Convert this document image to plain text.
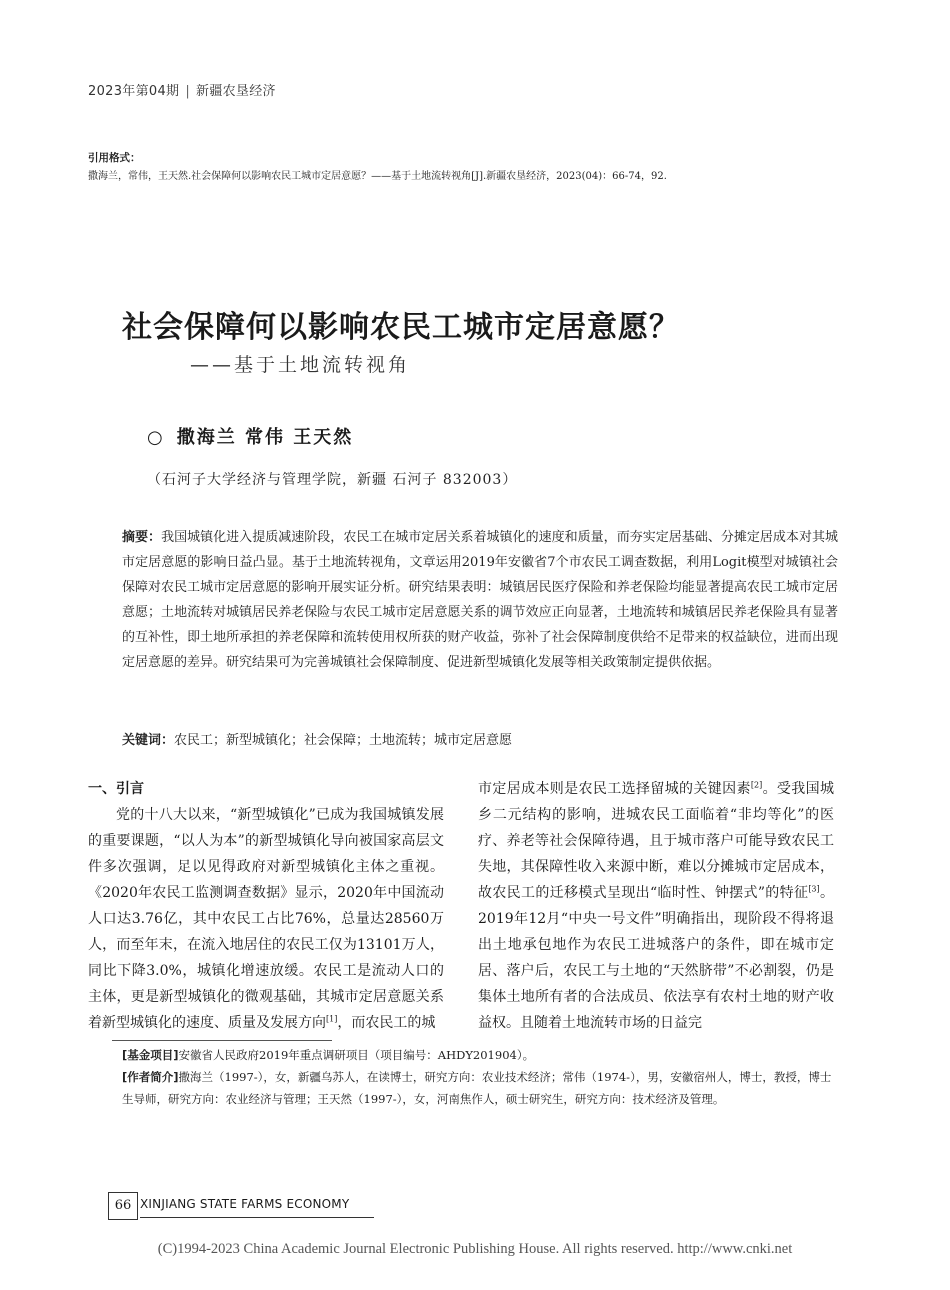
2023年第04期 | 新疆农垦经济
引用格式：
撒海兰，常伟，王天然.社会保障何以影响农民工城市定居意愿？——基于土地流转视角[J].新疆农垦经济，2023(04)：66-74，92.
社会保障何以影响农民工城市定居意愿？
——基于土地流转视角
○ 撒海兰 常伟 王天然
（石河子大学经济与管理学院，新疆 石河子 832003）
摘要：我国城镇化进入提质减速阶段，农民工在城市定居关系着城镇化的速度和质量，而夯实定居基础、分摊定居成本对其城市定居意愿的影响日益凸显。基于土地流转视角，文章运用2019年安徽省7个市农民工调查数据，利用Logit模型对城镇社会保障对农民工城市定居意愿的影响开展实证分析。研究结果表明：城镇居民医疗保险和养老保险均能显著提高农民工城市定居意愿；土地流转对城镇居民养老保险与农民工城市定居意愿关系的调节效应正向显著，土地流转和城镇居民养老保险具有显著的互补性，即土地所承担的养老保障和流转使用权所获的财产收益，弥补了社会保障制度供给不足带来的权益缺位，进而出现定居意愿的差异。研究结果可为完善城镇社会保障制度、促进新型城镇化发展等相关政策制定提供依据。
关键词：农民工；新型城镇化；社会保障；土地流转；城市定居意愿
一、引言

党的十八大以来，“新型城镇化”已成为我国城镇发展的重要课题，“以人为本”的新型城镇化导向被国家高层文件多次强调，足以见得政府对新型城镇化主体之重视。《2020年农民工监测调查数据》显示，2020年中国流动人口达3.76亿，其中农民工占比76%，总量达28560万人，而至年末，在流入地居住的农民工仅为13101万人，同比下降3.0%，城镇化增速放缓。农民工是流动人口的主体，更是新型城镇化的微观基础，其城市定居意愿关系着新型城镇化的速度、质量及发展方向[1]，而农民工的城

市定居成本则是农民工选择留城的关键因素[2]。受我国城乡二元结构的影响，进城农民工面临着“非均等化”的医疗、养老等社会保障待遇，且于城市落户可能导致农民工失地，其保障性收入来源中断，难以分摊城市定居成本，故农民工的迁移模式呈现出“临时性、钟摆式”的特征[3]。2019年12月“中央一号文件”明确指出，现阶段不得将退出土地承包地作为农民工进城落户的条件，即在城市定居、落户后，农民工与土地的“天然脐带”不必割裂，仍是集体土地所有者的合法成员、依法享有农村土地的财产收益权。且随着土地流转市场的日益完

[基金项目]安徽省人民政府2019年重点调研项目（项目编号：AHDY201904）。
[作者简介]撒海兰（1997-），女，新疆乌苏人，在读博士，研究方向：农业技术经济；常伟（1974-），男，安徽宿州人，博士，教授，博士生导师，研究方向：农业经济与管理；王天然（1997-），女，河南焦作人，硕士研究生，研究方向：技术经济及管理。
66 XINJIANG STATE FARMS ECONOMY
(C)1994-2023 China Academic Journal Electronic Publishing House. All rights reserved. http://www.cnki.net
